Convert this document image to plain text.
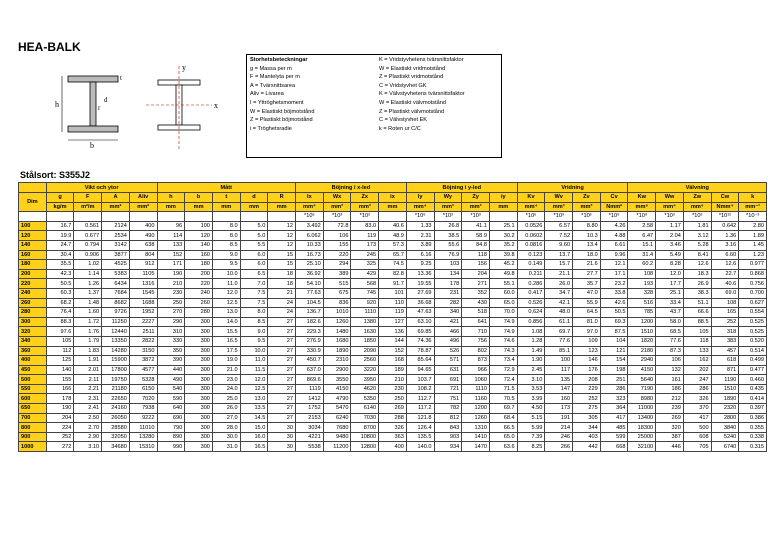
HEA-BALK
h	r
d
t
b
y
x
Storhetsbeteckningar
g = Massa per m
F = Mantelyta per m
A = Tvärsnittsarea
Aliv = Livarea
I = Yttröghetsmoment
W = Elastiskt böjmotstånd
Z = Plastiskt böjmotstånd
i = Tröghetsradie
K = Vridstyvhetens tvärsnittsfaktor
W = Elastiskt vridmotstånd
Z = Plastiskt vridmotstånd
C = Vridstyvhet GK
K = Välvstyvhetens tvärsnittsfaktor
W = Elastiskt välvmotstånd
Z = Plastiskt välvmotstånd
C = Välvstyvhet EK
k = Roten ur C/C
Stålsort: S355J2
	Vikt och ytor				Mått					Böjning i x-led				Böjning i y-led				Vridning				Välvning				
Dim	g	F	A	Aliv	h	b	t	d	R	Ix	Wx	Zx	ix	Iy	Wy	Zy	iy	Kv	Wv	Zv	Cv	Kw	Ww	Zw	Cw	k
	kg/m	m²/m	mm²	mm²	mm	mm	mm	mm	mm	mm⁴	mm³	mm³	mm	mm⁴	mm³	mm³	mm	mm⁴	mm³	mm³	Nmm²	mm⁶	mm⁴	mm⁴	Nmm⁴	mm⁻¹
										*10⁶	*10³	*10³		*10⁶	*10³	*10³		*10⁶	*10³	*10³	*10⁹	*10⁹	*10³	*10³	*10¹²	*10⁻³
100	16.7	0.561	2124	400	96	100	8.0	5.0	12	3.492	72.8	83.0	40.6	1.33	26.8	41.1	25.1	0.0526	6.57	8.80	4.26	2.58	1.17	1.81	0.642	2.80
120	19.9	0.677	2534	490	114	120	8.0	5.0	12	6.062	106	119	48.9	2.31	38.5	58.9	30.2	0.0602	7.52	10.3	4.88	6.47	2.04	3.12	1.36	1.89
140	24.7	0.794	3142	638	133	140	8.5	5.5	12	10.33	155	173	57.3	3.89	55.6	84.8	35.2	0.0816	9.60	13.4	6.61	15.1	3.46	5.28	3.16	1.45
160	30.4	0.906	3877	804	152	160	9.0	6.0	15	16.73	220	245	65.7	6.16	76.9	118	39.8	0.123	13.7	18.0	9.96	31.4	5.49	8.41	6.60	1.23
180	35.5	1.02	4525	912	171	180	9.5	6.0	15	25.10	294	325	74.5	9.25	103	156	45.2	0.149	15.7	21.6	12.1	60.2	8.28	12.6	12.6	0.977
200	42.3	1.14	5383	1105	190	200	10.0	6.5	18	36.92	389	429	82.8	13.36	134	204	49.8	0.211	21.1	27.7	17.1	108	12.0	18.3	22.7	0.868
220	50.5	1.26	6434	1316	210	220	11.0	7.0	18	54.10	515	568	91.7	19.55	178	271	55.1	0.286	26.0	35.7	23.2	193	17.7	26.9	40.6	0.756
240	60.3	1.37	7684	1545	230	240	12.0	7.5	21	77.63	675	745	101	27.69	231	352	60.0	0.417	34.7	47.0	33.8	328	25.1	38.3	69.0	0.700
260	68.2	1.48	8682	1688	250	260	12.5	7.5	24	104.5	836	920	110	36.68	282	430	65.0	0.526	42.1	55.9	42.6	516	33.4	51.1	108	0.627
280	76.4	1.60	9726	1952	270	280	13.0	8.0	24	136.7	1010	1110	119	47.63	340	518	70.0	0.624	48.0	64.5	50.5	785	43.7	66.6	165	0.554
300	88.3	1.72	11250	2227	290	300	14.0	8.5	27	182.6	1260	1380	127	63.10	421	641	74.9	0.856	61.1	81.0	69.3	1200	58.0	88.5	252	0.525
320	97.6	1.76	12440	2511	310	300	15.5	9.0	27	229.3	1480	1630	136	69.85	466	710	74.9	1.08	69.7	97.0	87.5	1510	68.5	105	318	0.525
340	105	1.79	13350	2822	330	300	16.5	9.5	27	276.9	1680	1850	144	74.36	496	756	74.6	1.28	77.6	109	104	1820	77.6	118	383	0.520
360	112	1.83	14280	3150	350	300	17.5	10.0	27	330.9	1890	2090	152	78.87	526	802	74.3	1.49	85.1	123	121	2180	87.3	133	457	0.514
400	125	1.91	15900	3872	390	300	19.0	11.0	27	450.7	2310	2560	168	85.64	571	873	73.4	1.90	100	146	154	2940	106	162	618	0.499
450	140	2.01	17800	4577	440	300	21.0	11.5	27	637.0	2900	3220	189	94.65	631	966	72.9	2.45	117	176	198	4150	132	202	871	0.477
500	155	2.11	19750	5328	490	300	23.0	12.0	27	869.6	3550	3950	210	103.7	691	1060	72.4	3.10	135	208	251	5640	161	247	1190	0.460
550	166	2.21	21180	6150	540	300	24.0	12.5	27	1119	4150	4620	230	108.2	721	1110	71.5	3.53	147	229	286	7190	186	286	1510	0.435
600	178	2.31	22650	7020	590	300	25.0	13.0	27	1412	4790	5350	250	112.7	751	1160	70.5	3.99	160	252	323	8980	212	326	1890	0.414
650	190	2.41	24160	7938	640	300	26.0	13.5	27	1752	5470	6140	269	117.2	782	1200	69.7	4.50	173	275	364	11000	239	370	2320	0.397
700	204	2.50	26050	9222	690	300	27.0	14.5	27	2153	6240	7030	288	121.8	812	1260	68.4	5.15	191	305	417	13400	269	417	2800	0.386
800	224	2.70	28580	11010	790	300	28.0	15.0	30	3034	7680	8700	326	126.4	843	1310	66.5	5.99	214	344	485	18300	320	500	3840	0.355
900	252	2.90	32050	13280	890	300	30.0	16.0	30	4221	9480	10800	363	135.5	903	1410	65.0	7.39	246	403	599	25000	387	608	5240	0.338
1000	272	3.10	34680	15310	990	300	31.0	16.5	30	5538	11200	12800	400	140.0	934	1470	63.6	8.25	266	442	668	32100	446	705	6740	0.315
